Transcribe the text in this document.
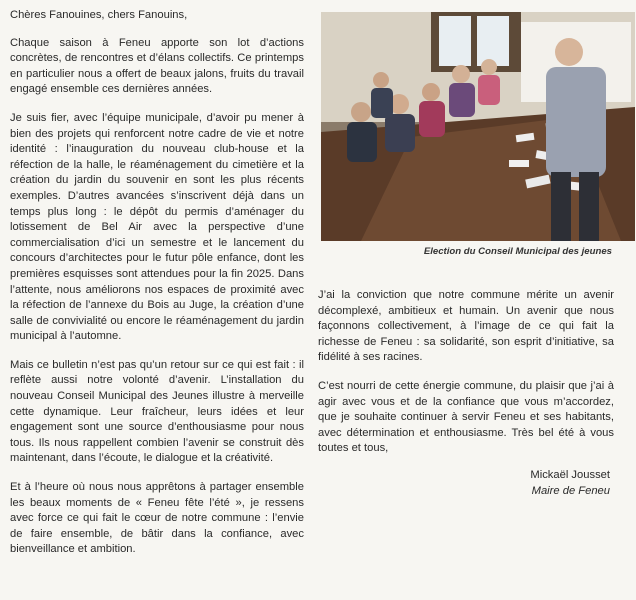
Chères Fanouines, chers Fanouins,

Chaque saison à Feneu apporte son lot d’actions concrètes, de rencontres et d’élans collectifs. Ce printemps en particulier nous a offert de beaux jalons, fruits du travail engagé ensemble ces dernières années.

Je suis fier, avec l’équipe municipale, d’avoir pu mener à bien des projets qui renforcent notre cadre de vie et notre identité : l’inauguration du nouveau club-house et la réfection de la halle, le réaménagement du cimetière et la création du jardin du souvenir en sont les plus récents exemples. D’autres avancées s’inscrivent déjà dans un temps plus long : le dépôt du permis d’aménager du lotissement de Bel Air avec la perspective d’une commercialisation d’ici un semestre et le lancement du concours d’architectes pour le futur pôle enfance, dont les premières esquisses sont attendues pour la fin 2025. Dans l’attente, nous améliorons nos espaces de proximité avec la réfection de l’annexe du Bois au Juge, la création d’une salle de convivialité ou encore le réaménagement du jardin municipal à l’automne.

Mais ce bulletin n’est pas qu’un retour sur ce qui est fait : il reflète aussi notre volonté d’avenir. L’installation du nouveau Conseil Municipal des Jeunes illustre à merveille cette dynamique. Leur fraîcheur, leurs idées et leur engagement sont une source d’enthousiasme pour nous tous. Ils nous rappellent combien l’avenir se construit dès maintenant, dans l’écoute, le dialogue et la créativité.

Et à l’heure où nous nous apprêtons à partager ensemble les beaux moments de « Feneu fête l’été », je ressens avec force ce qui fait le cœur de notre commune : l’envie de faire ensemble, de bâtir dans la confiance, avec bienveillance et ambition.

Election du Conseil Municipal des jeunes

J’ai la conviction que notre commune mérite un avenir décomplexé, ambitieux et humain. Un avenir que nous façonnons collectivement, à l’image de ce qui fait la richesse de Feneu : sa solidarité, son esprit d’initiative, sa fidélité à ses racines.

C’est nourri de cette énergie commune, du plaisir que j’ai à agir avec vous et de la confiance que vous m’accordez, que je souhaite continuer à servir Feneu et ses habitants, avec détermination et enthousiasme. Très bel été à vous toutes et tous,

Mickaël Jousset
Maire de Feneu
